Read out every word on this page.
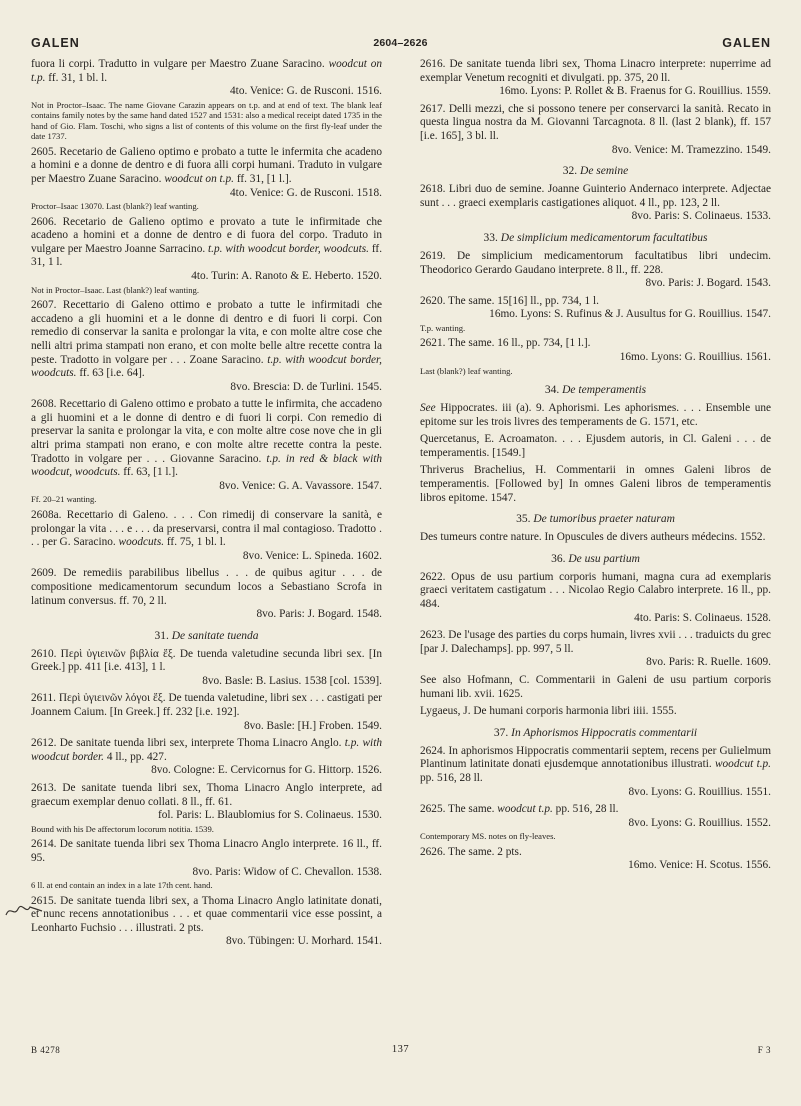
GALEN	2604–2626	GALEN

fuora li corpi. Tradutto in vulgare per Maestro Zuane Saracino. woodcut on t.p. ff. 31, 1 bl. l.

4to. Venice: G. de Rusconi. 1516.

Not in Proctor–Isaac. The name Giovane Carazin appears on t.p. and at end of text. The blank leaf contains family notes by the same hand dated 1527 and 1531: also a medical receipt dated 1735 in the hand of Gio. Flam. Toschi, who signs a list of contents of this volume on the first fly-leaf under the date 1737.

2605. Recetario de Galieno optimo e probato a tutte le infermita che acadeno a homini e a donne de dentro e di fuora alli corpi humani. Traduto in vulgare per Maestro Zuane Saracino. woodcut on t.p. ff. 31, [1 l.].

4to. Venice: G. de Rusconi. 1518.

Proctor–Isaac 13070. Last (blank?) leaf wanting.

2606. Recetario de Galieno optimo e provato a tute le infirmitade che acadeno a homini et a donne de dentro e di fuora del corpo. Traduto in vulgare per Maestro Joanne Sarracino. t.p. with woodcut border, woodcuts. ff. 31, 1 l.

4to. Turin: A. Ranoto & E. Heberto. 1520.

Not in Proctor–Isaac. Last (blank?) leaf wanting.

2607. Recettario di Galeno ottimo e probato a tutte le infirmitadi che accadeno a gli huomini et a le donne di dentro e di fuori li corpi. Con remedio di conservar la sanita e prolongar la vita, e con molte altre cose che nelli altri prima stampati non erano, et con molte belle altre recette contra la peste. Tradotto in volgare per . . . Zoane Saracino. t.p. with woodcut border, woodcuts. ff. 63 [i.e. 64].

8vo. Brescia: D. de Turlini. 1545.

2608. Recettario di Galeno ottimo e probato a tutte le infirmita, che accadeno a gli huomini et a le donne di dentro e di fuori li corpi. Con remedio di preservar la sanita e prolongar la vita, e con molte altre cose nove che in gli altri prima stampati non erano, e con molte altre recette contra la peste. Tradotto in volgare per . . . Giovanne Saracino. t.p. in red & black with woodcut, woodcuts. ff. 63, [1 l.].

8vo. Venice: G. A. Vavassore. 1547.

Ff. 20–21 wanting.

2608a. Recettario di Galeno. . . . Con rimedij di conservare la sanità, e prolongar la vita . . . e . . . da preservarsi, contra il mal contagioso. Tradotto . . . per G. Saracino. woodcuts. ff. 75, 1 bl. l.

8vo. Venice: L. Spineda. 1602.

2609. De remediis parabilibus libellus . . . de quibus agitur . . . de compositione medicamentorum secundum locos a Sebastiano Scrofa in latinum conversus. ff. 70, 2 ll.

8vo. Paris: J. Bogard. 1548.

31. De sanitate tuenda

2610. Περὶ ὑγιεινῶν βιβλία ἕξ. De tuenda valetudine secunda libri sex. [In Greek.] pp. 411 [i.e. 413], 1 l.

8vo. Basle: B. Lasius. 1538 [col. 1539].

2611. Περὶ ὑγιεινῶν λόγοι ἕξ. De tuenda valetudine, libri sex . . . castigati per Joannem Caium. [In Greek.] ff. 232 [i.e. 192].

8vo. Basle: [H.] Froben. 1549.

2612. De sanitate tuenda libri sex, interprete Thoma Linacro Anglo. t.p. with woodcut border. 4 ll., pp. 427.

8vo. Cologne: E. Cervicornus for G. Hittorp. 1526.

2613. De sanitate tuenda libri sex, Thoma Linacro Anglo interprete, ad graecum exemplar denuo collati. 8 ll., ff. 61.

fol. Paris: L. Blaublomius for S. Colinaeus. 1530.

Bound with his De affectorum locorum notitia. 1539.

2614. De sanitate tuenda libri sex Thoma Linacro Anglo interprete. 16 ll., ff. 95.

8vo. Paris: Widow of C. Chevallon. 1538.

6 ll. at end contain an index in a late 17th cent. hand.

2615. De sanitate tuenda libri sex, a Thoma Linacro Anglo latinitate donati, et nunc recens annotationibus . . . et quae commentarii vice esse possint, a Leonharto Fuchsio . . . illustrati. 2 pts.

8vo. Tübingen: U. Morhard. 1541.

2616. De sanitate tuenda libri sex, Thoma Linacro interprete: nuperrime ad exemplar Venetum recogniti et divulgati. pp. 375, 20 ll.

16mo. Lyons: P. Rollet & B. Fraenus for G. Rouillius. 1559.

2617. Delli mezzi, che si possono tenere per conservarci la sanità. Recato in questa lingua nostra da M. Giovanni Tarcagnota. 8 ll. (last 2 blank), ff. 157 [i.e. 165], 3 bl. ll.

8vo. Venice: M. Tramezzino. 1549.

32. De semine

2618. Libri duo de semine. Joanne Guinterio Andernaco interprete. Adjectae sunt . . . graeci exemplaris castigationes aliquot. 4 ll., pp. 123, 2 ll.

8vo. Paris: S. Colinaeus. 1533.

33. De simplicium medicamentorum facultatibus

2619. De simplicium medicamentorum facultatibus libri undecim. Theodorico Gerardo Gaudano interprete. 8 ll., ff. 228.

8vo. Paris: J. Bogard. 1543.

2620. The same. 15[16] ll., pp. 734, 1 l.

16mo. Lyons: S. Rufinus & J. Ausultus for G. Rouillius. 1547.

T.p. wanting.

2621. The same. 16 ll., pp. 734, [1 l.].

16mo. Lyons: G. Rouillius. 1561.

Last (blank?) leaf wanting.

34. De temperamentis

See Hippocrates. iii (a). 9. Aphorismi. Les aphorismes. . . . Ensemble une epitome sur les trois livres des temperaments de G. 1571, etc.

Quercetanus, E. Acroamaton. . . . Ejusdem autoris, in Cl. Galeni . . . de temperamentis. [1549.]

Thriverus Brachelius, H. Commentarii in omnes Galeni libros de temperamentis. [Followed by] In omnes Galeni libros de temperamentis libros epitome. 1547.

35. De tumoribus praeter naturam

Des tumeurs contre nature. In Opuscules de divers autheurs médecins. 1552.

36. De usu partium

2622. Opus de usu partium corporis humani, magna cura ad exemplaris graeci veritatem castigatum . . . Nicolao Regio Calabro interprete. 16 ll., pp. 484.

4to. Paris: S. Colinaeus. 1528.

2623. De l'usage des parties du corps humain, livres xvii . . . traduicts du grec [par J. Dalechamps]. pp. 997, 5 ll.

8vo. Paris: R. Ruelle. 1609.

See also Hofmann, C. Commentarii in Galeni de usu partium corporis humani lib. xvii. 1625.

Lygaeus, J. De humani corporis harmonia libri iiii. 1555.

37. In Aphorismos Hippocratis commentarii

2624. In aphorismos Hippocratis commentarii septem, recens per Gulielmum Plantinum latinitate donati ejusdemque annotationibus illustrati. woodcut t.p. pp. 516, 28 ll.

8vo. Lyons: G. Rouillius. 1551.

2625. The same. woodcut t.p. pp. 516, 28 ll.

8vo. Lyons: G. Rouillius. 1552.

Contemporary MS. notes on fly-leaves.

2626. The same. 2 pts.

16mo. Venice: H. Scotus. 1556.

B 4278	137	F 3
